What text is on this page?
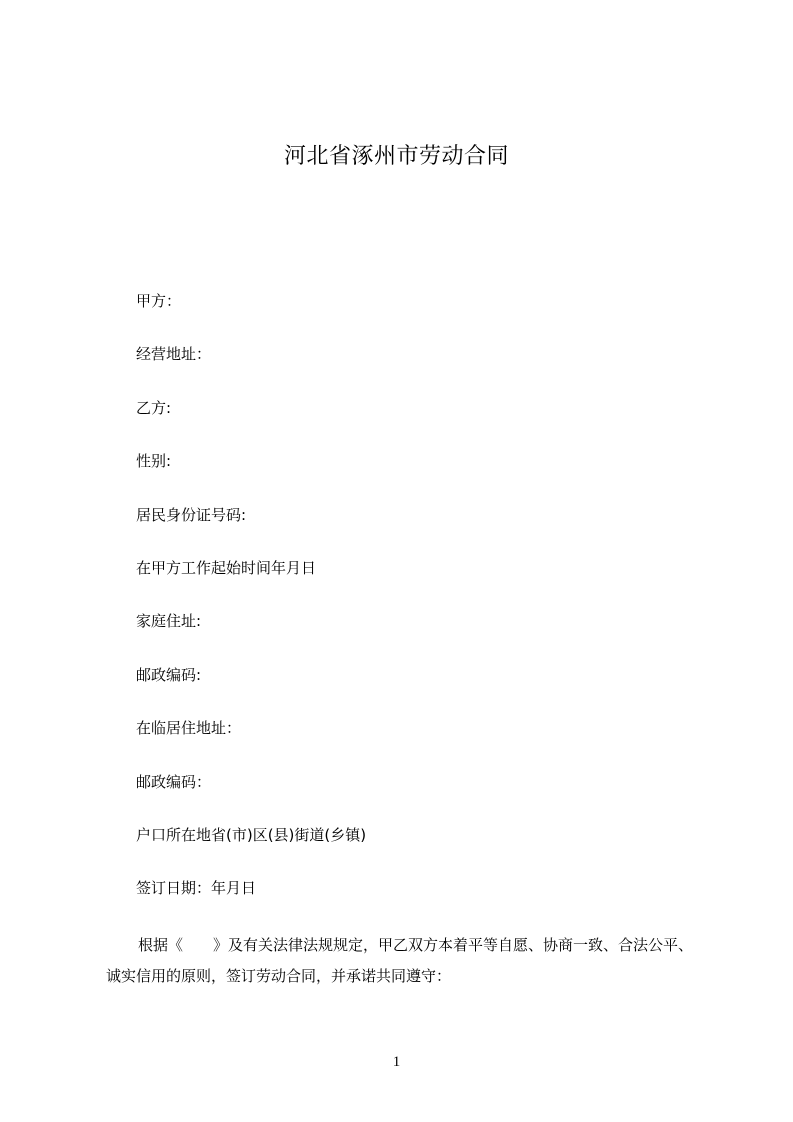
河北省涿州市劳动合同
甲方：
经营地址：
乙方:
性别:
居民身份证号码:
在甲方工作起始时间年月日
家庭住址:
邮政编码:
在临居住地址：
邮政编码：
户口所在地省(市)区(县)街道(乡镇)
签订日期：年月日

根据《　　》及有关法律法规规定，甲乙双方本着平等自愿、协商一致、合法公平、诚实信用的原则，签订劳动合同，并承诺共同遵守：

1
